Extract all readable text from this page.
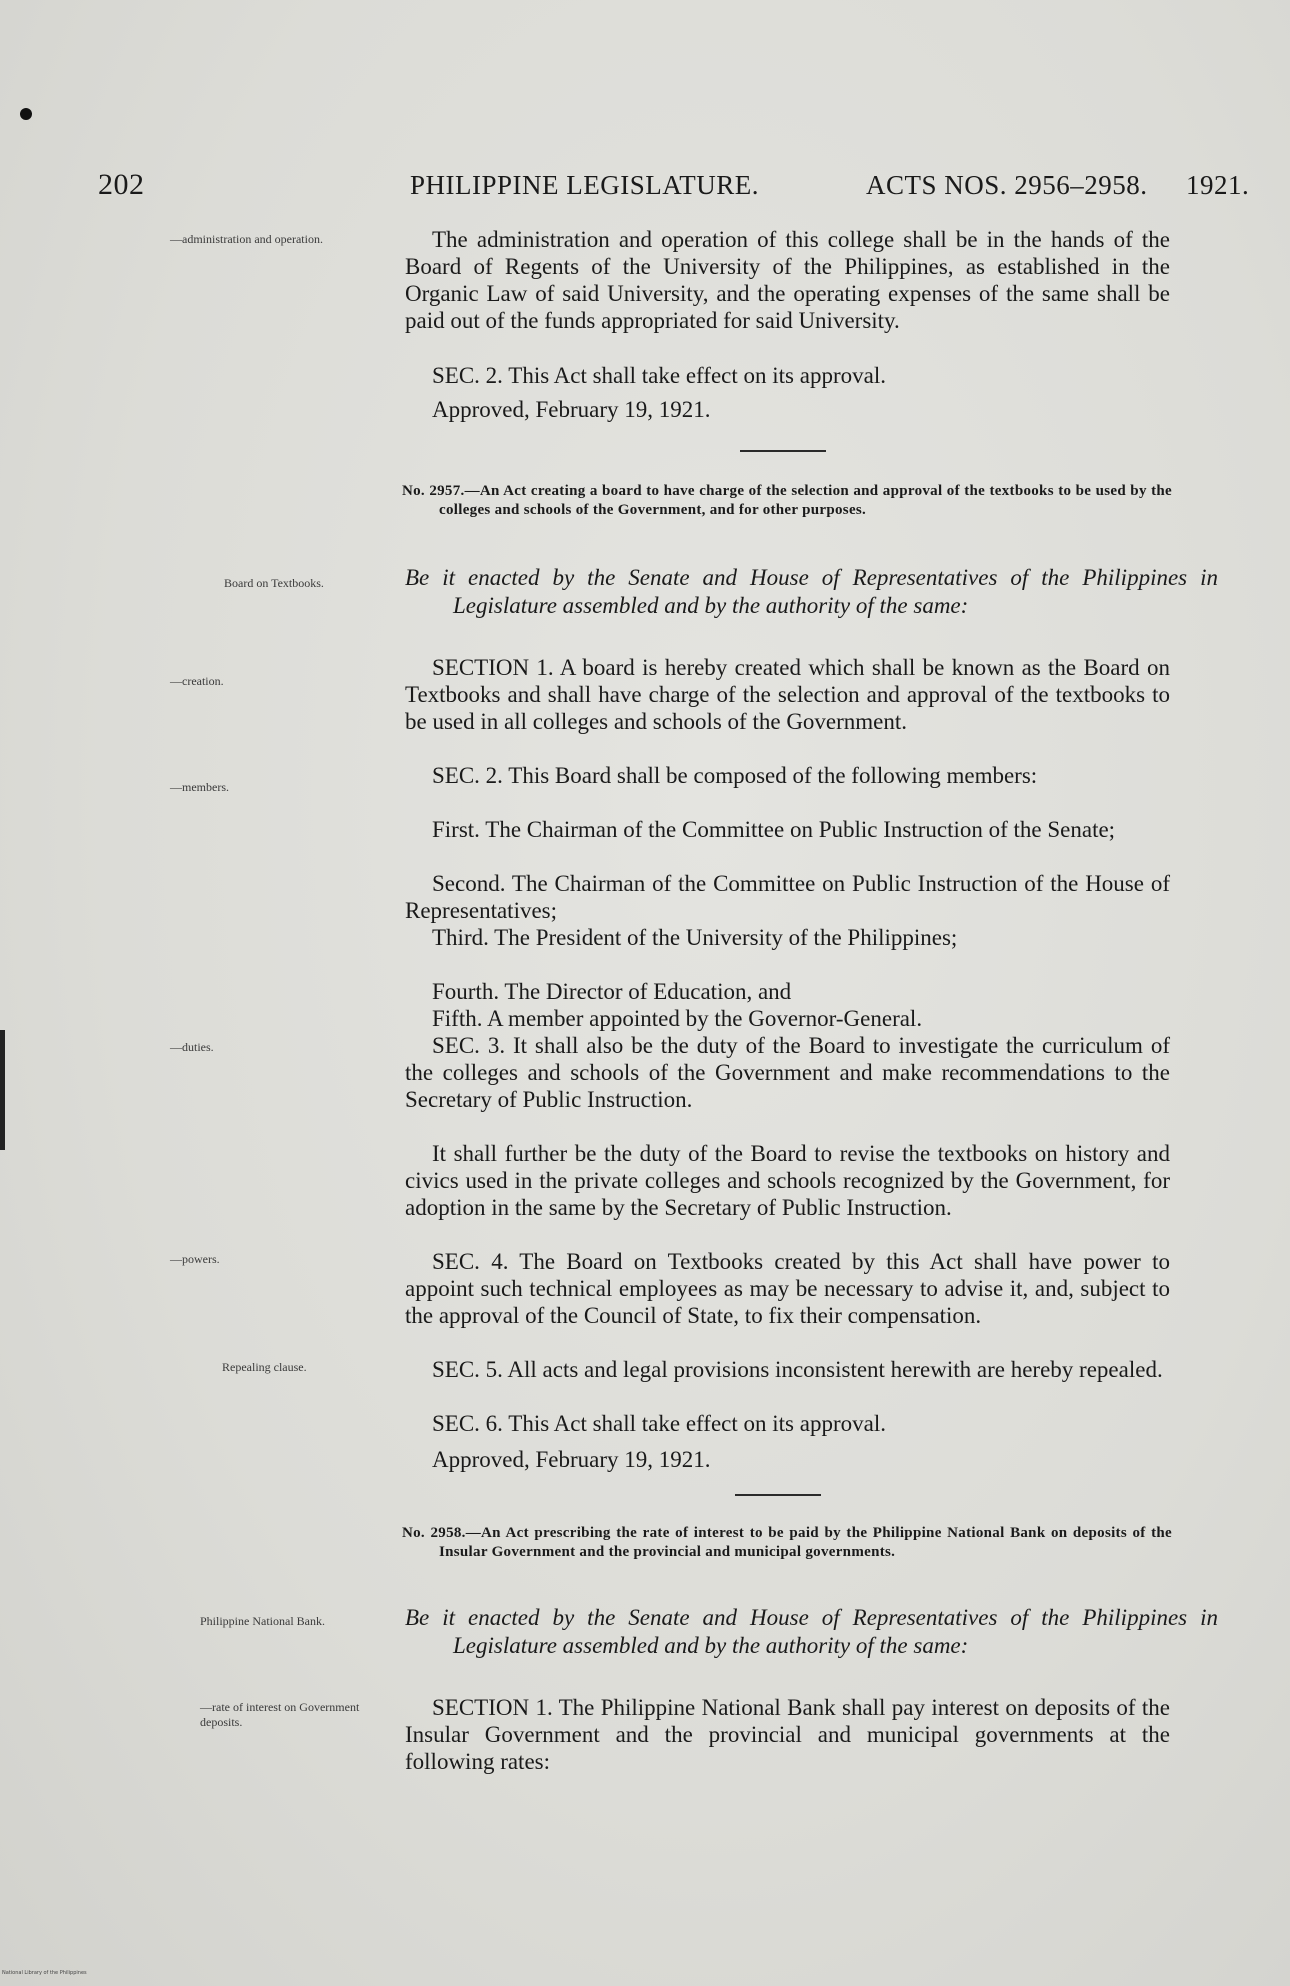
202	PHILIPPINE LEGISLATURE.	ACTS NOS. 2956–2958. 1921.
—administration and operation.	The administration and operation of this college shall be in the hands of the Board of Regents of the University of the Philippines, as established in the Organic Law of said University, and the operating expenses of the same shall be paid out of the funds appropriated for said University.

SEC. 2. This Act shall take effect on its approval.

Approved, February 19, 1921.

No. 2957.—An Act creating a board to have charge of the selection and approval of the textbooks to be used by the colleges and schools of the Government, and for other purposes.

Board on Textbooks.	Be it enacted by the Senate and House of Representatives of the Philippines in Legislature assembled and by the authority of the same:

—creation.

SECTION 1. A board is hereby created which shall be known as the Board on Textbooks and shall have charge of the selection and approval of the textbooks to be used in all colleges and schools of the Government.

—members.	SEC. 2. This Board shall be composed of the following members:

First. The Chairman of the Committee on Public Instruction of the Senate;

Second. The Chairman of the Committee on Public Instruction of the House of Representatives;

Third. The President of the University of the Philippines;

Fourth. The Director of Education, and

Fifth. A member appointed by the Governor-General.

—duties.	SEC. 3. It shall also be the duty of the Board to investigate the curriculum of the colleges and schools of the Government and make recommendations to the Secretary of Public Instruction.

It shall further be the duty of the Board to revise the textbooks on history and civics used in the private colleges and schools recognized by the Government, for adoption in the same by the Secretary of Public Instruction.

—powers.	SEC. 4. The Board on Textbooks created by this Act shall have power to appoint such technical employees as may be necessary to advise it, and, subject to the approval of the Council of State, to fix their compensation.

Repealing clause.	SEC. 5. All acts and legal provisions inconsistent herewith are hereby repealed.

SEC. 6. This Act shall take effect on its approval.

Approved, February 19, 1921.

No. 2958.—An Act prescribing the rate of interest to be paid by the Philippine National Bank on deposits of the Insular Government and the provincial and municipal governments.

Philippine National Bank.	Be it enacted by the Senate and House of Representatives of the Philippines in Legislature assembled and by the authority of the same:

—rate of interest on Government deposits.

SECTION 1. The Philippine National Bank shall pay interest on deposits of the Insular Government and the provincial and municipal governments at the following rates:

National Library of the Philippines
